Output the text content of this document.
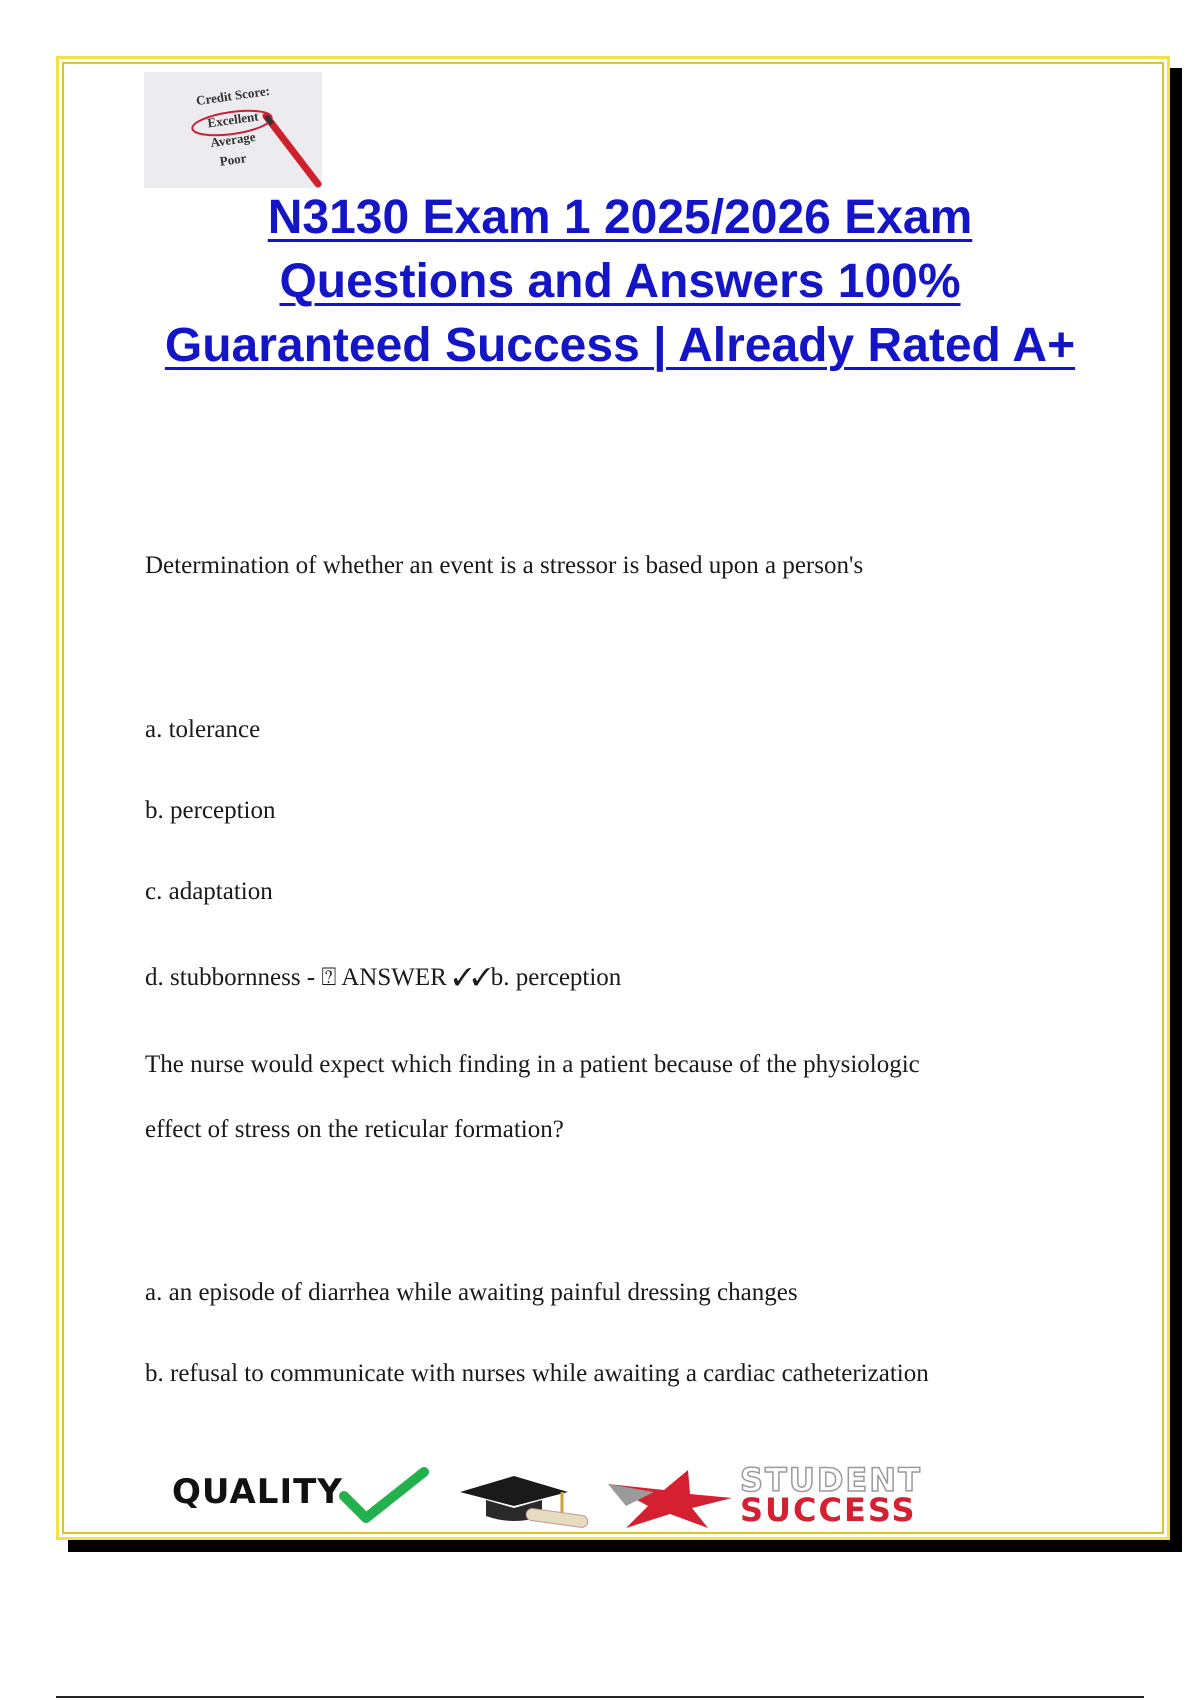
Credit Score:
Excellent
Average
Poor
N3130 Exam 1 2025/2026 Exam
Questions and Answers 100%
Guaranteed Success | Already Rated A+
Determination of whether an event is a stressor is based upon a person's
a. tolerance
b. perception
c. adaptation
d. stubbornness - ⍰ ANSWER ✓✓b. perception
The nurse would expect which finding in a patient because of the physiologic
effect of stress on the reticular formation?
a. an episode of diarrhea while awaiting painful dressing changes
b. refusal to communicate with nurses while awaiting a cardiac catheterization
QUALITY	STUDENT
SUCCESS
